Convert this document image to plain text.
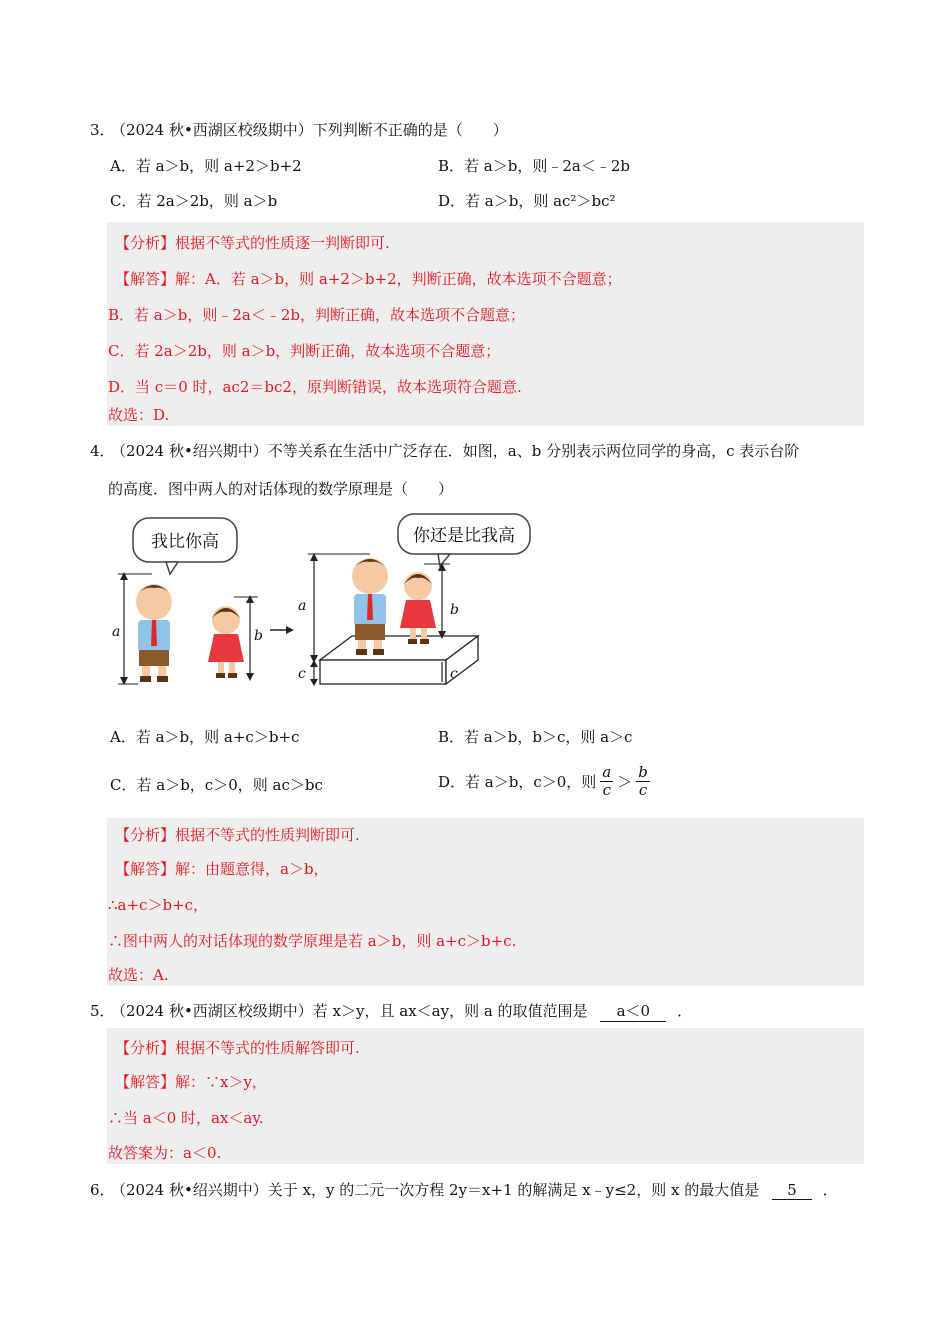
3．
（2024 秋•西湖区校级期中）下列判断不正确的是（　　）
A．若 a＞b，则 a+2＞b+2	B．若 a＞b，则﹣2a＜﹣2b
C．若 2a＞2b，则 a＞b	D．若 a＞b，则 ac²＞bc²
【分析】根据不等式的性质逐一判断即可.
【解答】解：A．若 a＞b，则 a+2＞b+2，判断正确，故本选项不合题意；
B．若 a＞b，则﹣2a＜﹣2b，判断正确，故本选项不合题意；
C．若 2a＞2b，则 a＞b，判断正确，故本选项不合题意；
D．当 c＝0 时，ac2＝bc2，原判断错误，故本选项符合题意.
故选：D.
4．
（2024 秋•绍兴期中）不等关系在生活中广泛存在．如图，a、b 分别表示两位同学的身高，c 表示台阶
的高度．图中两人的对话体现的数学原理是（　　）
我比你高
a	b
你还是比我高
a
c
b
c
A．若 a＞b，则 a+c＞b+c	B．若 a＞b，b＞c，则 a＞c
C．若 a＞b，c＞0，则 ac＞bc	D．若 a＞b，c＞0，则 $\frac{a}{c} > \frac{b}{c}$
【分析】根据不等式的性质判断即可.
【解答】解：由题意得，a＞b，
∴a+c＞b+c，
∴图中两人的对话体现的数学原理是若 a＞b，则 a+c＞b+c.
故选：A.
5．
（2024 秋•西湖区校级期中）若 x＞y，且 ax＜ay，则 a 的取值范围是 a＜0 ．
【分析】根据不等式的性质解答即可.
【解答】解：∵x＞y，
∴当 a＜0 时，ax＜ay.
故答案为：a＜0.
6．
（2024 秋•绍兴期中）关于 x，y 的二元一次方程 2y＝x+1 的解满足 x﹣y≤2，则 x 的最大值是 5 ．
